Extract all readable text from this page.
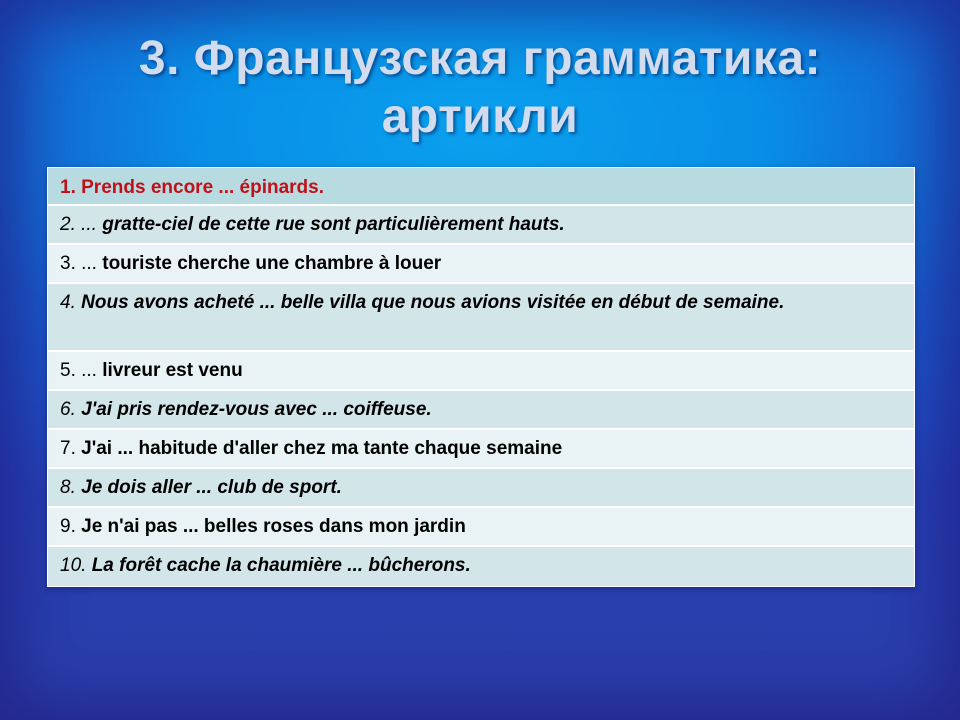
3. Французская грамматика:
артикли
1. Prends encore ... épinards.
2. ... gratte-ciel de cette rue sont particulièrement hauts.
3. ... touriste cherche une chambre à louer
4. Nous avons acheté ... belle villa que nous avions visitée en début de semaine.
5. ... livreur est venu
6. J'ai pris rendez-vous avec ... coiffeuse.
7. J'ai ... habitude d'aller chez ma tante chaque semaine
8. Je dois aller ... club de sport.
9. Je n'ai pas ... belles roses dans mon jardin
10. La forêt cache la chaumière ... bûcherons.
